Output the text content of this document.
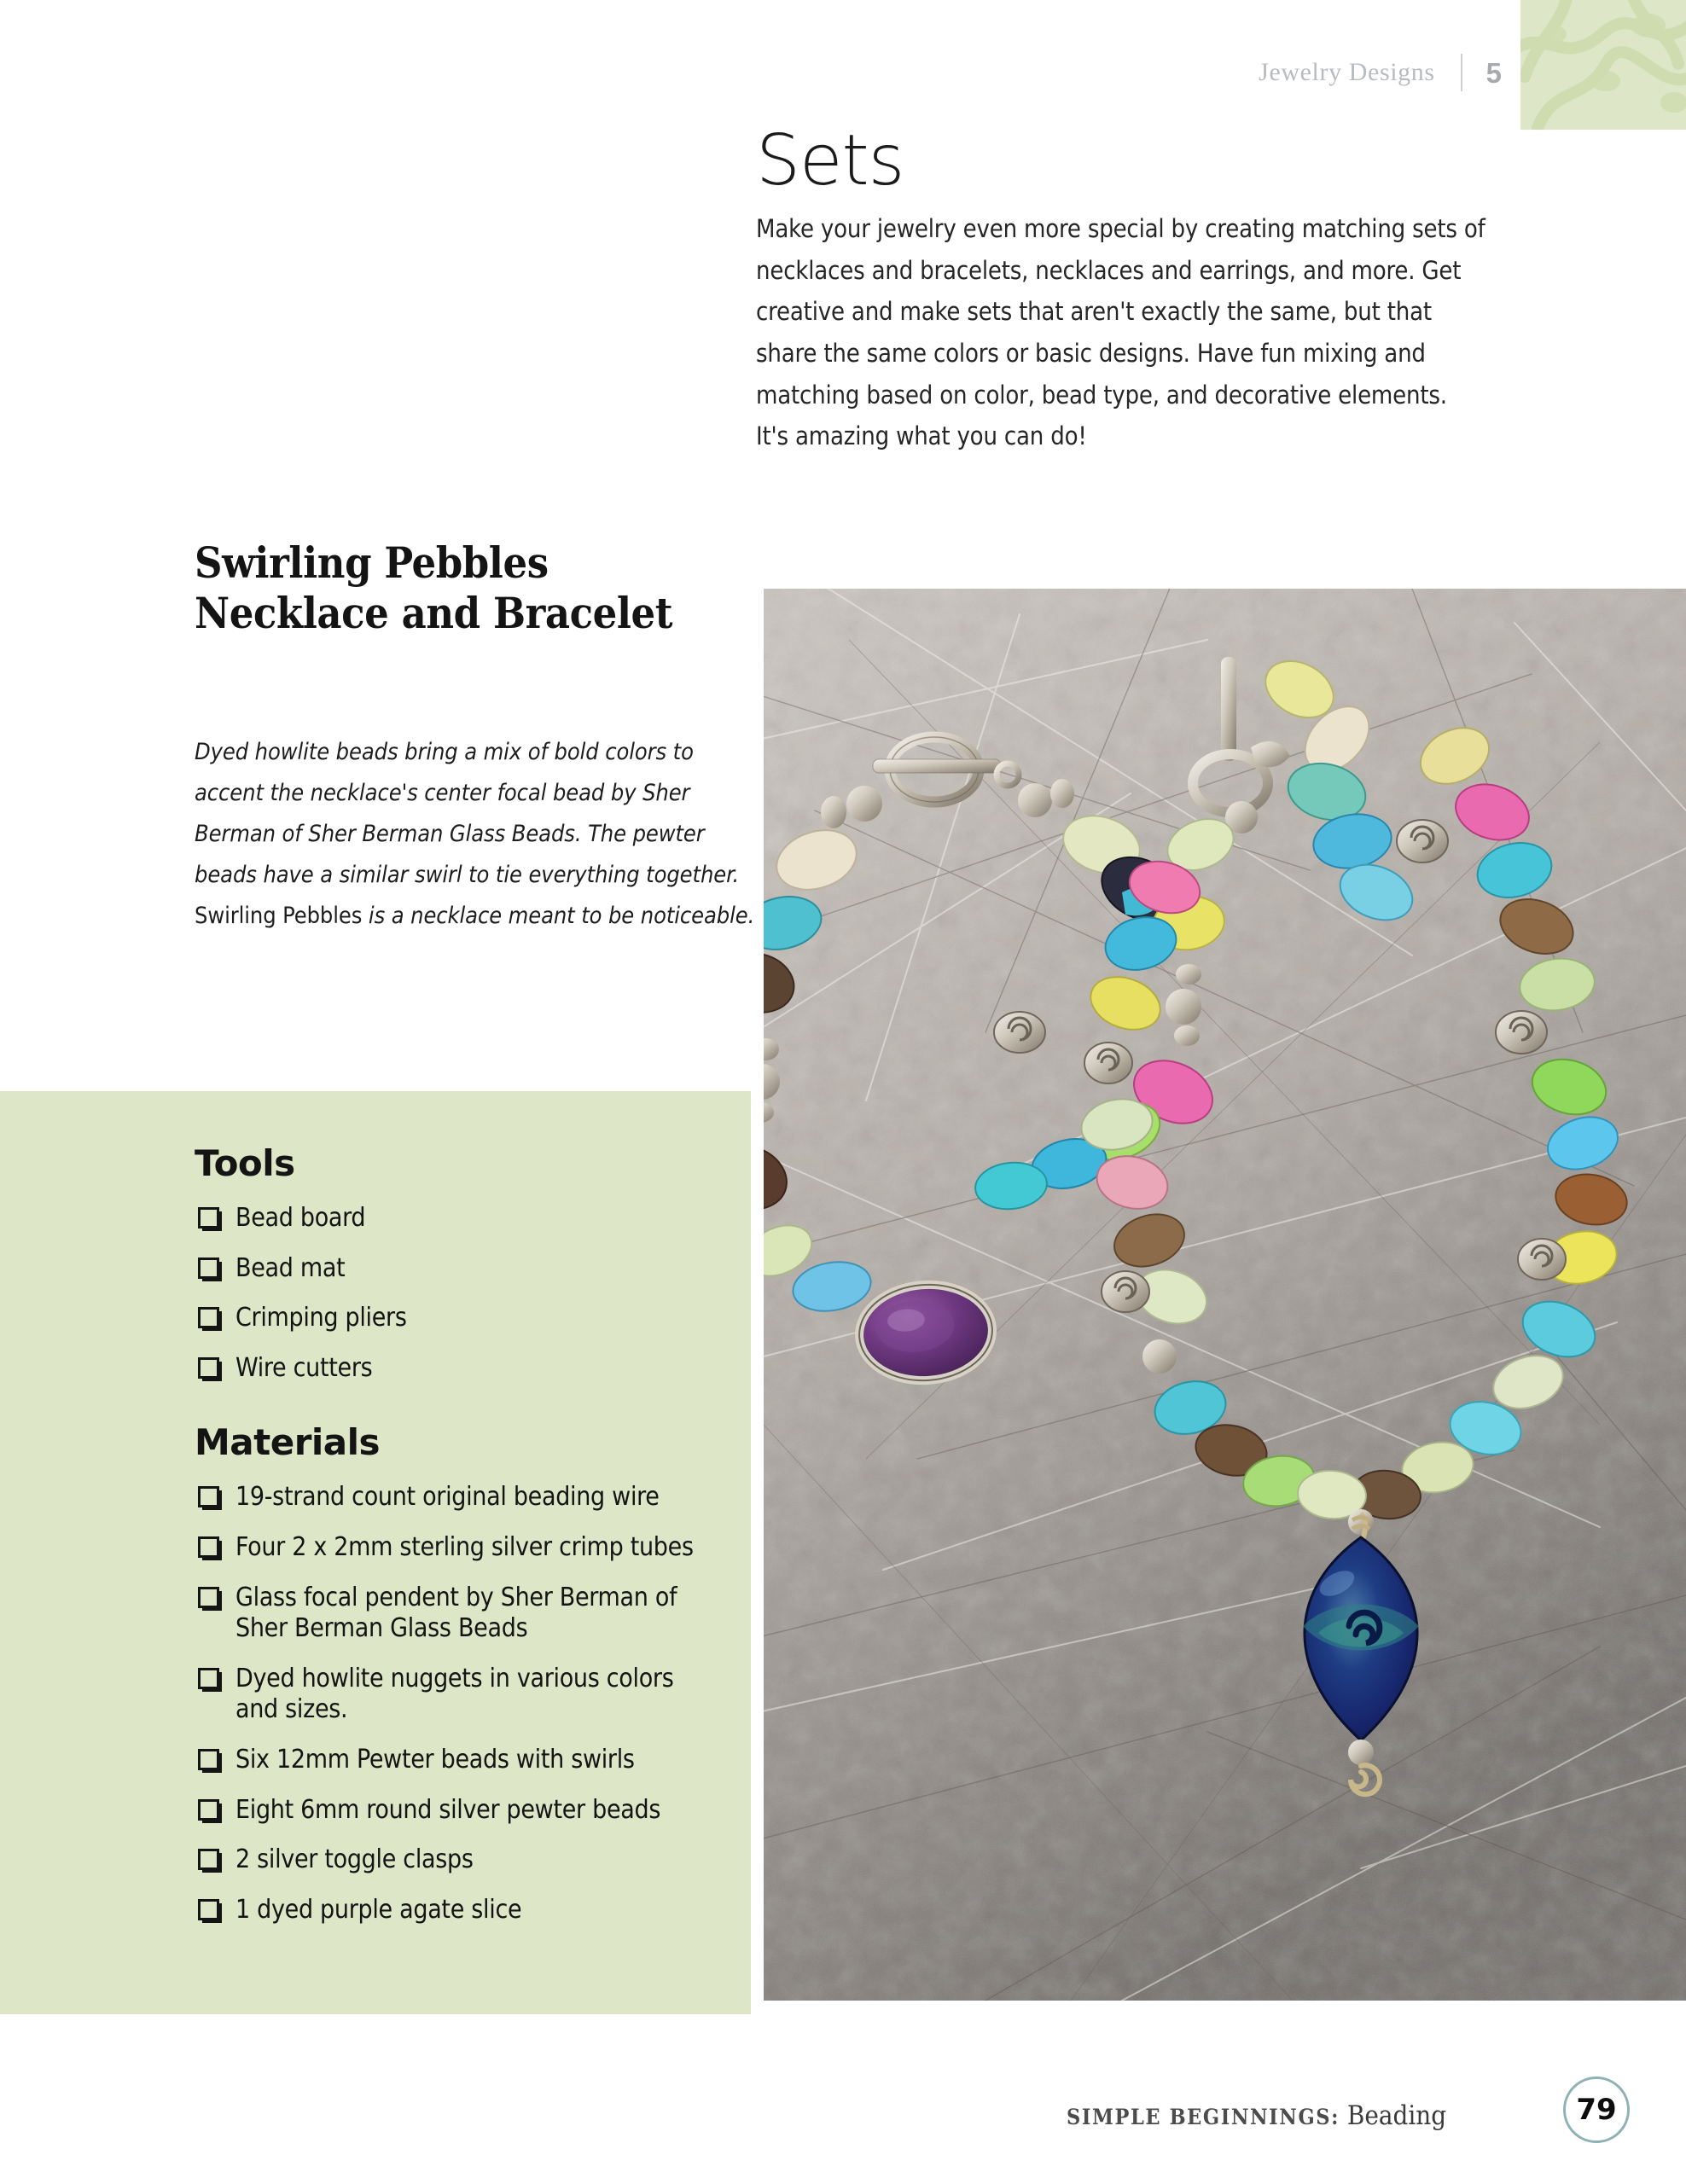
Jewelry Designs 5
Sets

Make your jewelry even more special by creating matching sets of necklaces and bracelets, necklaces and earrings, and more. Get creative and make sets that aren't exactly the same, but that share the same colors or basic designs. Have fun mixing and matching based on color, bead type, and decorative elements. It's amazing what you can do!

Swirling Pebbles
Necklace and Bracelet

Dyed howlite beads bring a mix of bold colors to accent the necklace's center focal bead by Sher Berman of Sher Berman Glass Beads. The pewter beads have a similar swirl to tie everything together. Swirling Pebbles is a necklace meant to be noticeable.

Tools
Bead board
Bead mat
Crimping pliers
Wire cutters
Materials
19-strand count original beading wire
Four 2 x 2mm sterling silver crimp tubes
Glass focal pendent by Sher Berman of Sher Berman Glass Beads
Dyed howlite nuggets in various colors and sizes.
Six 12mm Pewter beads with swirls
Eight 6mm round silver pewter beads
2 silver toggle clasps
1 dyed purple agate slice
SIMPLE BEGINNINGS: Beading	79
